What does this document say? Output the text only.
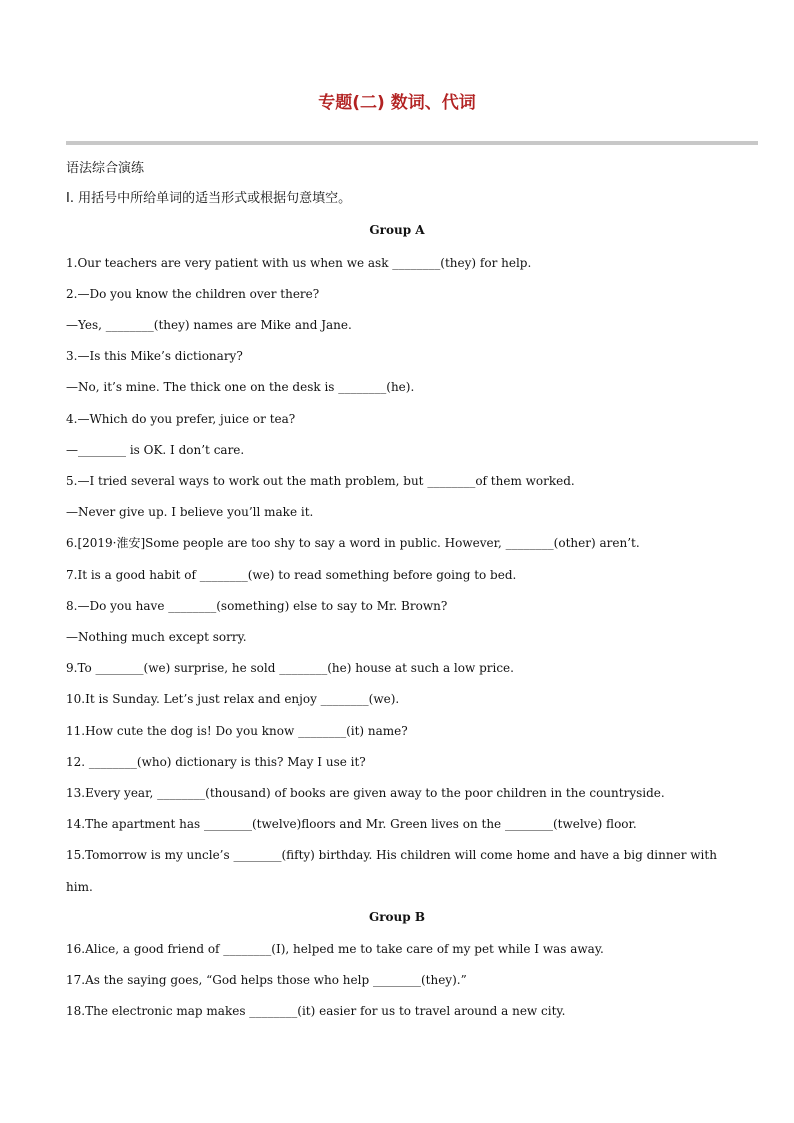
专题(二) 数词、代词
语法综合演练
Ⅰ. 用括号中所给单词的适当形式或根据句意填空。
Group A
1.Our teachers are very patient with us when we ask ________(they) for help.
2.—Do you know the children over there?
—Yes, ________(they) names are Mike and Jane.
3.—Is this Mike’s dictionary?
—No, it’s mine. The thick one on the desk is ________(he).
4.—Which do you prefer, juice or tea?
—________ is OK. I don’t care.
5.—I tried several ways to work out the math problem, but ________of them worked.
—Never give up. I believe you’ll make it.
6.[2019·淮安]Some people are too shy to say a word in public. However, ________(other) aren’t.
7.It is a good habit of ________(we) to read something before going to bed.
8.—Do you have ________(something) else to say to Mr. Brown?
—Nothing much except sorry.
9.To ________(we) surprise, he sold ________(he) house at such a low price.
10.It is Sunday. Let’s just relax and enjoy ________(we).
11.How cute the dog is! Do you know ________(it) name?
12. ________(who) dictionary is this? May I use it?
13.Every year, ________(thousand) of books are given away to the poor children in the countryside.
14.The apartment has ________(twelve)floors and Mr. Green lives on the ________(twelve) floor.
15.Tomorrow is my uncle’s ________(fifty) birthday. His children will come home and have a big dinner with him.
Group B
16.Alice, a good friend of ________(I), helped me to take care of my pet while I was away.
17.As the saying goes, “God helps those who help ________(they).”
18.The electronic map makes ________(it) easier for us to travel around a new city.
